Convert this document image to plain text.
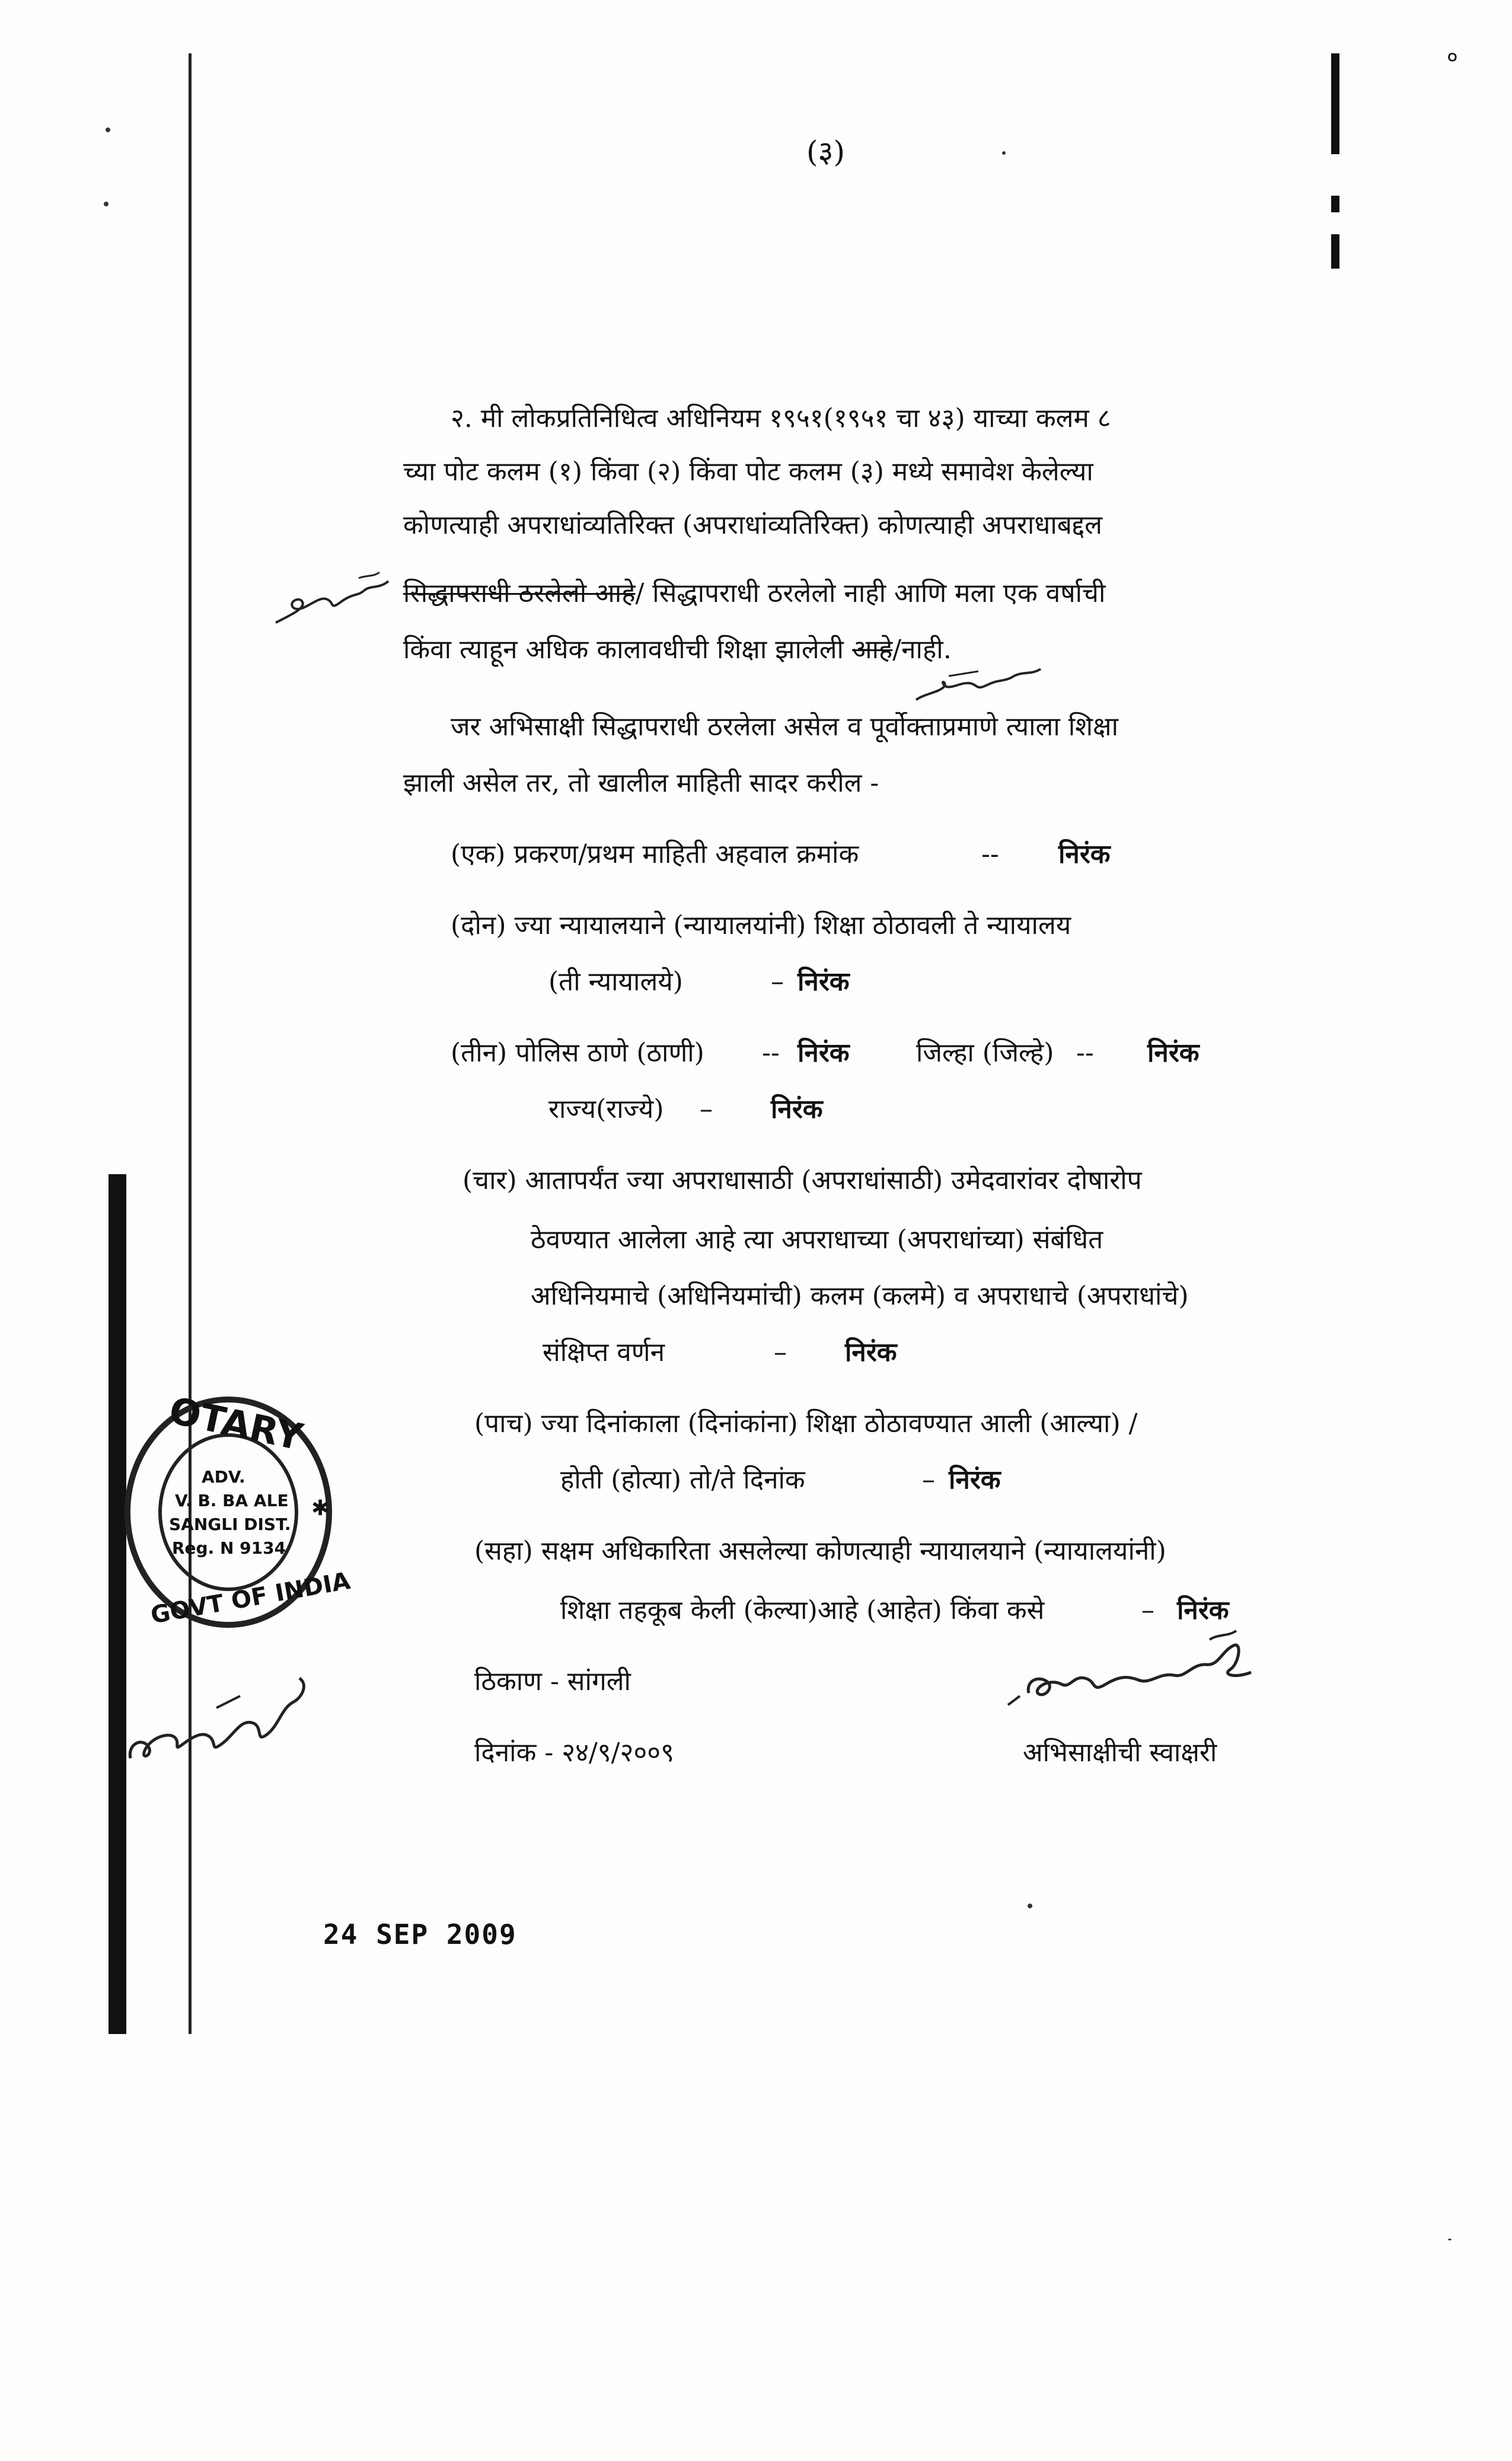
०
(३)
२. मी लोकप्रतिनिधित्व अधिनियम १९५१(१९५१ चा ४३) याच्या कलम ८
च्या पोट कलम (१) किंवा (२) किंवा पोट कलम (३) मध्ये समावेश केलेल्या
कोणत्याही अपराधांव्यतिरिक्त (अपराधांव्यतिरिक्त) कोणत्याही अपराधाबद्दल
सिद्धापराधी ठरलेलो आहे/ सिद्धापराधी ठरलेलो नाही आणि मला एक वर्षाची
किंवा त्याहून अधिक कालावधीची शिक्षा झालेली आहे/नाही.
जर अभिसाक्षी सिद्धापराधी ठरलेला असेल व पूर्वोक्ताप्रमाणे त्याला शिक्षा
झाली असेल तर, तो खालील माहिती सादर करील -
(एक) प्रकरण/प्रथम माहिती अहवाल क्रमांक	-- निरंक
(दोन) ज्या न्यायालयाने (न्यायालयांनी) शिक्षा ठोठावली ते न्यायालय
(ती न्यायालये)	– निरंक
(तीन) पोलिस ठाणे (ठाणी) -- निरंक	जिल्हा (जिल्हे) -- निरंक
राज्य(राज्ये) – निरंक
(चार) आतापर्यंत ज्या अपराधासाठी (अपराधांसाठी) उमेदवारांवर दोषारोप
ठेवण्यात आलेला आहे त्या अपराधाच्या (अपराधांच्या) संबंधित
अधिनियमाचे (अधिनियमांची) कलम (कलमे) व अपराधाचे (अपराधांचे)
संक्षिप्त वर्णन	– निरंक
(पाच) ज्या दिनांकाला (दिनांकांना) शिक्षा ठोठावण्यात आली (आल्या) /
होती (होत्या) तो/ते दिनांक	– निरंक
(सहा) सक्षम अधिकारिता असलेल्या कोणत्याही न्यायालयाने (न्यायालयांनी)
शिक्षा तहकूब केली (केल्या)आहे (आहेत) किंवा कसे	– निरंक
ठिकाण - सांगली
दिनांक - २४/९/२००९	अभिसाक्षीची स्वाक्षरी
OTARY
GOVT OF INDIA
ADV.
V. B. BA ALE
SANGLI DIST.
Reg. N 9134
✱
24 SEP 2009
